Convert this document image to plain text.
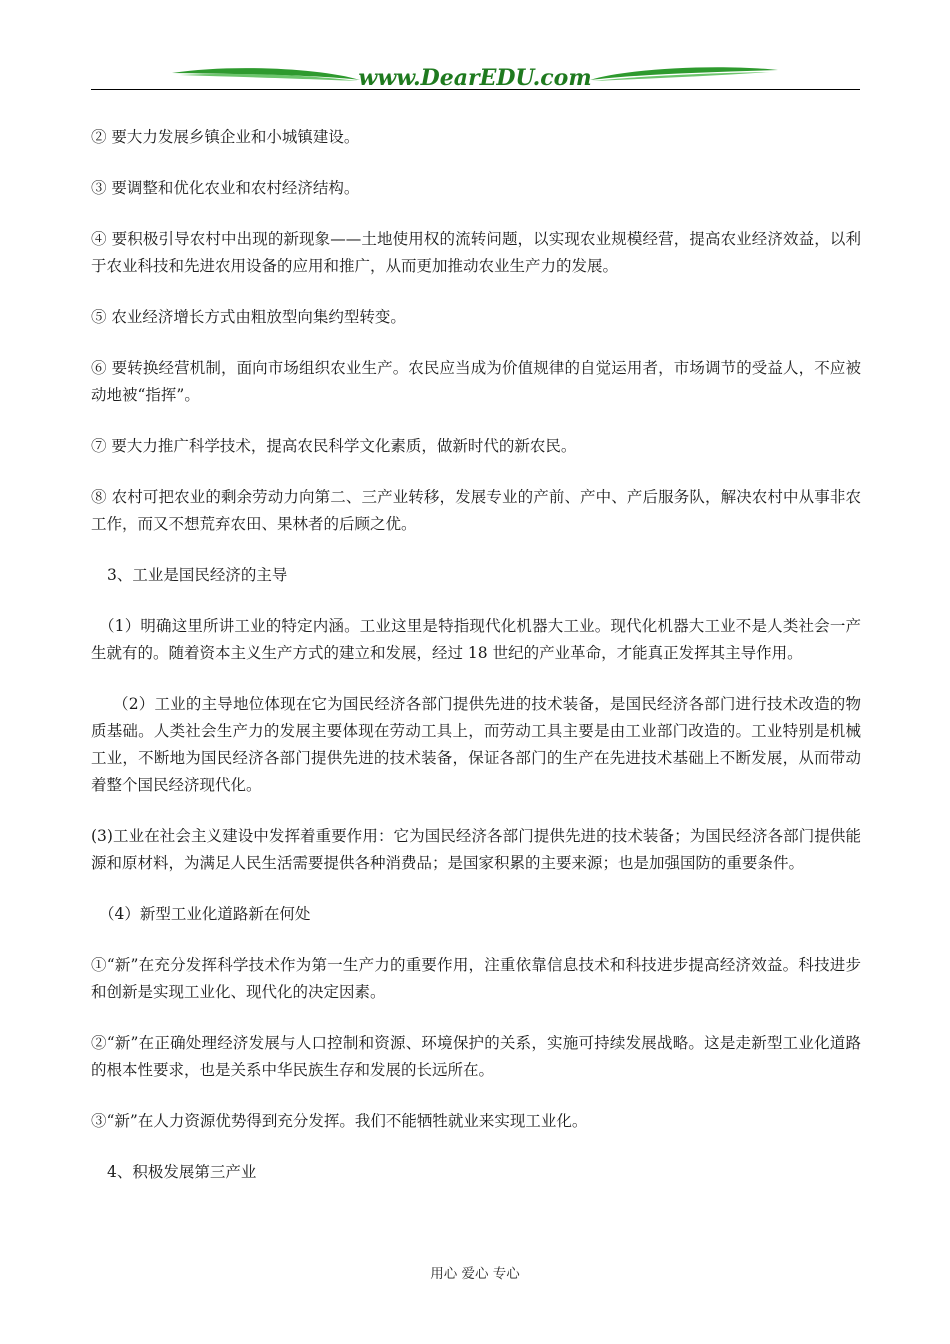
www.DearEDU.com

② 要大力发展乡镇企业和小城镇建设。

③ 要调整和优化农业和农村经济结构。

④ 要积极引导农村中出现的新现象——土地使用权的流转问题，以实现农业规模经营，提高农业经济效益，以利于农业科技和先进农用设备的应用和推广，从而更加推动农业生产力的发展。

⑤ 农业经济增长方式由粗放型向集约型转变。

⑥ 要转换经营机制，面向市场组织农业生产。农民应当成为价值规律的自觉运用者，市场调节的受益人，不应被动地被“指挥”。

⑦ 要大力推广科学技术，提高农民科学文化素质，做新时代的新农民。

⑧ 农村可把农业的剩余劳动力向第二、三产业转移，发展专业的产前、产中、产后服务队，解决农村中从事非农工作，而又不想荒弃农田、果林者的后顾之优。

3、工业是国民经济的主导

（1）明确这里所讲工业的特定内涵。工业这里是特指现代化机器大工业。现代化机器大工业不是人类社会一产生就有的。随着资本主义生产方式的建立和发展，经过 18 世纪的产业革命，才能真正发挥其主导作用。

（2）工业的主导地位体现在它为国民经济各部门提供先进的技术装备，是国民经济各部门进行技术改造的物质基础。人类社会生产力的发展主要体现在劳动工具上，而劳动工具主要是由工业部门改造的。工业特别是机械工业，不断地为国民经济各部门提供先进的技术装备，保证各部门的生产在先进技术基础上不断发展，从而带动着整个国民经济现代化。

(3)工业在社会主义建设中发挥着重要作用：它为国民经济各部门提供先进的技术装备；为国民经济各部门提供能源和原材料，为满足人民生活需要提供各种消费品；是国家积累的主要来源；也是加强国防的重要条件。

（4）新型工业化道路新在何处

①“新”在充分发挥科学技术作为第一生产力的重要作用，注重依靠信息技术和科技进步提高经济效益。科技进步和创新是实现工业化、现代化的决定因素。

②“新”在正确处理经济发展与人口控制和资源、环境保护的关系，实施可持续发展战略。这是走新型工业化道路的根本性要求，也是关系中华民族生存和发展的长远所在。

③“新”在人力资源优势得到充分发挥。我们不能牺牲就业来实现工业化。

4、积极发展第三产业

用心 爱心 专心
